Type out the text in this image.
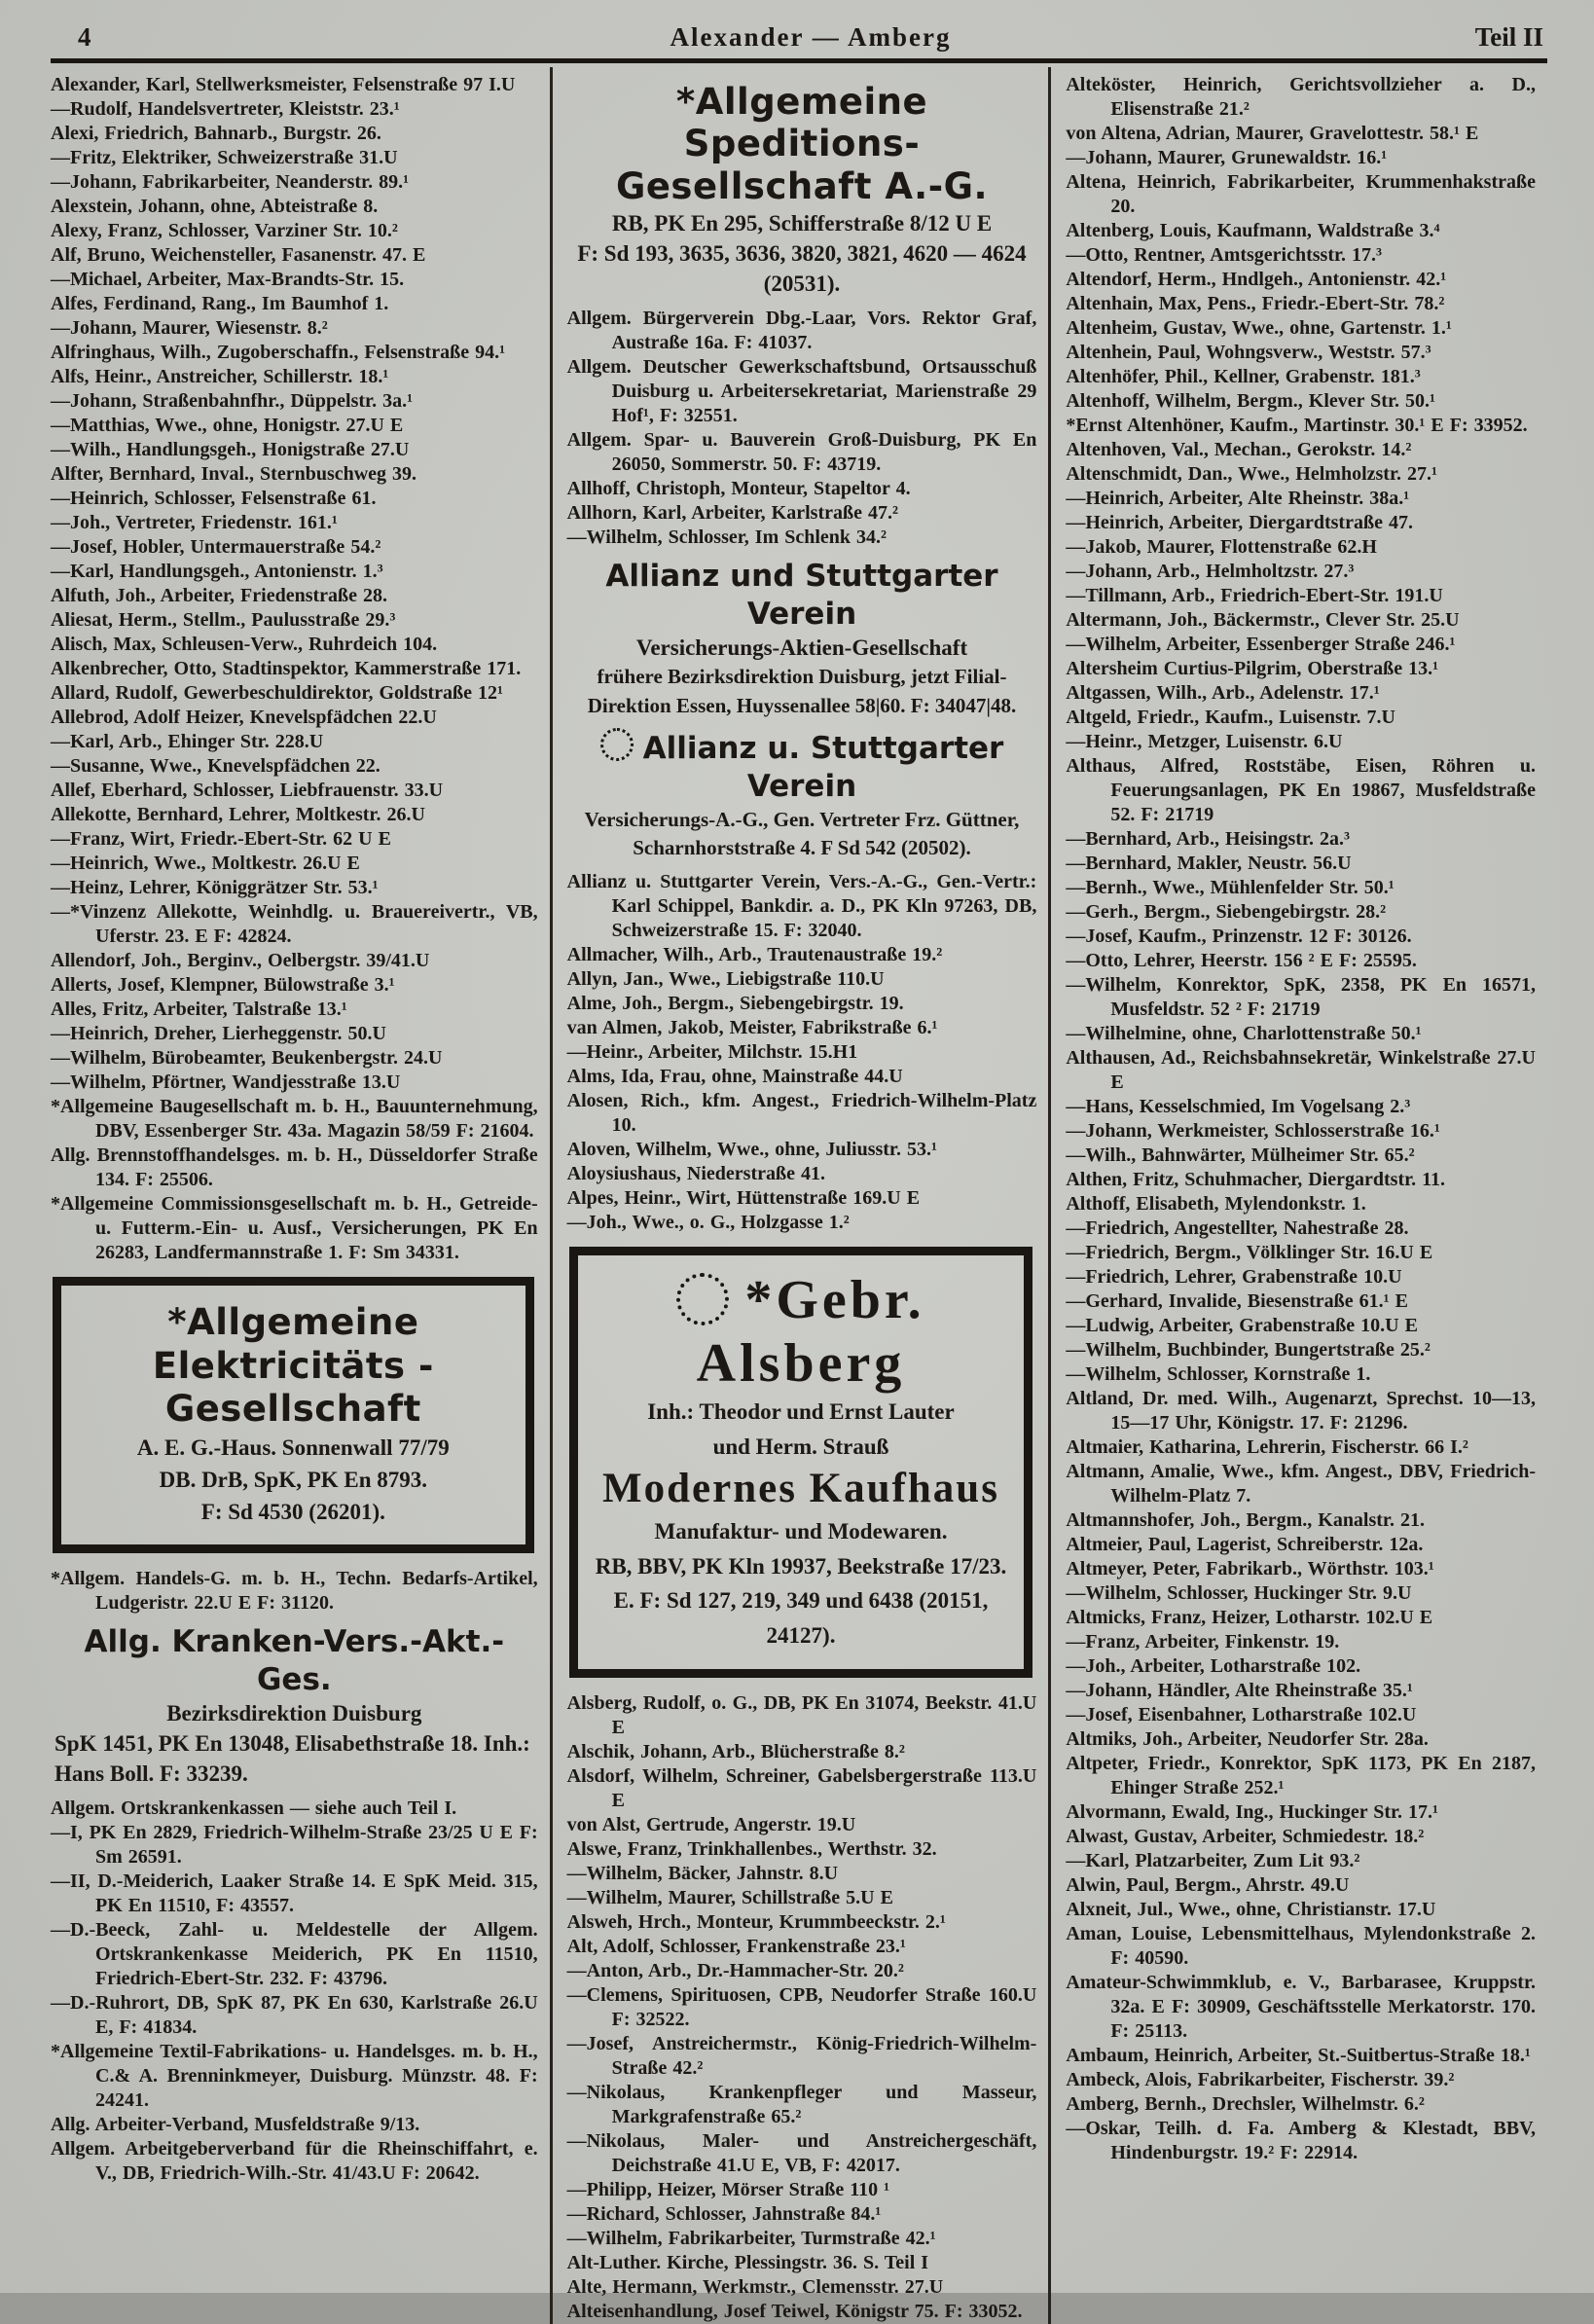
4	Alexander — Amberg	Teil II

Alexander, Karl, Stellwerksmeister, Felsenstraße 97 I.U

—Rudolf, Handelsvertreter, Kleiststr. 23.¹

Alexi, Friedrich, Bahnarb., Burgstr. 26.

—Fritz, Elektriker, Schweizerstraße 31.U

—Johann, Fabrikarbeiter, Neanderstr. 89.¹

Alexstein, Johann, ohne, Abteistraße 8.

Alexy, Franz, Schlosser, Varziner Str. 10.²

Alf, Bruno, Weichensteller, Fasanenstr. 47. E

—Michael, Arbeiter, Max-Brandts-Str. 15.

Alfes, Ferdinand, Rang., Im Baumhof 1.

—Johann, Maurer, Wiesenstr. 8.²

Alfringhaus, Wilh., Zugoberschaffn., Felsenstraße 94.¹

Alfs, Heinr., Anstreicher, Schillerstr. 18.¹

—Johann, Straßenbahnfhr., Düppelstr. 3a.¹

—Matthias, Wwe., ohne, Honigstr. 27.U E

—Wilh., Handlungsgeh., Honigstraße 27.U

Alfter, Bernhard, Inval., Sternbuschweg 39.

—Heinrich, Schlosser, Felsenstraße 61.

—Joh., Vertreter, Friedenstr. 161.¹

—Josef, Hobler, Untermauerstraße 54.²

—Karl, Handlungsgeh., Antonienstr. 1.³

Alfuth, Joh., Arbeiter, Friedenstraße 28.

Aliesat, Herm., Stellm., Paulusstraße 29.³

Alisch, Max, Schleusen-Verw., Ruhrdeich 104.

Alkenbrecher, Otto, Stadtinspektor, Kammerstraße 171.

Allard, Rudolf, Gewerbeschuldirektor, Goldstraße 12¹

Allebrod, Adolf Heizer, Knevelspfädchen 22.U

—Karl, Arb., Ehinger Str. 228.U

—Susanne, Wwe., Knevelspfädchen 22.

Allef, Eberhard, Schlosser, Liebfrauenstr. 33.U

Allekotte, Bernhard, Lehrer, Moltkestr. 26.U

—Franz, Wirt, Friedr.-Ebert-Str. 62 U E

—Heinrich, Wwe., Moltkestr. 26.U E

—Heinz, Lehrer, Königgrätzer Str. 53.¹

—*Vinzenz Allekotte, Weinhdlg. u. Brauereivertr., VB, Uferstr. 23. E F: 42824.

Allendorf, Joh., Berginv., Oelbergstr. 39/41.U

Allerts, Josef, Klempner, Bülowstraße 3.¹

Alles, Fritz, Arbeiter, Talstraße 13.¹

—Heinrich, Dreher, Lierheggenstr. 50.U

—Wilhelm, Bürobeamter, Beukenbergstr. 24.U

—Wilhelm, Pförtner, Wandjesstraße 13.U

*Allgemeine Baugesellschaft m. b. H., Bauunternehmung, DBV, Essenberger Str. 43a. Magazin 58/59 F: 21604.

Allg. Brennstoffhandelsges. m. b. H., Düsseldorfer Straße 134. F: 25506.

*Allgemeine Commissionsgesellschaft m. b. H., Getreide- u. Futterm.-Ein- u. Ausf., Versicherungen, PK En 26283, Landfermannstraße 1. F: Sm 34331.

*Allgemeine
Elektricitäts - Gesellschaft
A. E. G.-Haus. Sonnenwall 77/79
DB. DrB, SpK, PK En 8793.
F: Sd 4530 (26201).

*Allgem. Handels-G. m. b. H., Techn. Bedarfs-Artikel, Ludgeristr. 22.U E F: 31120.

Allg. Kranken-Vers.-Akt.-Ges.
Bezirksdirektion Duisburg
SpK 1451, PK En 13048, Elisabethstraße 18. Inh.: Hans Boll. F: 33239.

Allgem. Ortskrankenkassen — siehe auch Teil I.

—I, PK En 2829, Friedrich-Wilhelm-Straße 23/25 U E F: Sm 26591.

—II, D.-Meiderich, Laaker Straße 14. E SpK Meid. 315, PK En 11510, F: 43557.

—D.-Beeck, Zahl- u. Meldestelle der Allgem. Ortskrankenkasse Meiderich, PK En 11510, Friedrich-Ebert-Str. 232. F: 43796.

—D.-Ruhrort, DB, SpK 87, PK En 630, Karlstraße 26.U E, F: 41834.

*Allgemeine Textil-Fabrikations- u. Handelsges. m. b. H., C.& A. Brenninkmeyer, Duisburg. Münzstr. 48. F: 24241.

Allg. Arbeiter-Verband, Musfeldstraße 9/13.

Allgem. Arbeitgeberverband für die Rheinschiffahrt, e. V., DB, Friedrich-Wilh.-Str. 41/43.U F: 20642.

*Allgemeine
Speditions-Gesellschaft A.-G.
RB, PK En 295, Schifferstraße 8/12 U E
F: Sd 193, 3635, 3636, 3820, 3821, 4620 — 4624 (20531).

Allgem. Bürgerverein Dbg.-Laar, Vors. Rektor Graf, Austraße 16a. F: 41037.

Allgem. Deutscher Gewerkschaftsbund, Ortsausschuß Duisburg u. Arbeitersekretariat, Marienstraße 29 Hof¹, F: 32551.

Allgem. Spar- u. Bauverein Groß-Duisburg, PK En 26050, Sommerstr. 50. F: 43719.

Allhoff, Christoph, Monteur, Stapeltor 4.

Allhorn, Karl, Arbeiter, Karlstraße 47.²

—Wilhelm, Schlosser, Im Schlenk 34.²

Allianz und Stuttgarter Verein
Versicherungs-Aktien-Gesellschaft
frühere Bezirksdirektion Duisburg, jetzt Filial-Direktion Essen, Huyssenallee 58|60. F: 34047|48.
Allianz u. Stuttgarter Verein
Versicherungs-A.-G., Gen. Vertreter Frz. Güttner, Scharnhorststraße 4. F Sd 542 (20502).

Allianz u. Stuttgarter Verein, Vers.-A.-G., Gen.-Vertr.: Karl Schippel, Bankdir. a. D., PK Kln 97263, DB, Schweizerstraße 15. F: 32040.

Allmacher, Wilh., Arb., Trautenaustraße 19.²

Allyn, Jan., Wwe., Liebigstraße 110.U

Alme, Joh., Bergm., Siebengebirgstr. 19.

van Almen, Jakob, Meister, Fabrikstraße 6.¹

—Heinr., Arbeiter, Milchstr. 15.H1

Alms, Ida, Frau, ohne, Mainstraße 44.U

Alosen, Rich., kfm. Angest., Friedrich-Wilhelm-Platz 10.

Aloven, Wilhelm, Wwe., ohne, Juliusstr. 53.¹

Aloysiushaus, Niederstraße 41.

Alpes, Heinr., Wirt, Hüttenstraße 169.U E

—Joh., Wwe., o. G., Holzgasse 1.²

*Gebr. Alsberg
Inh.: Theodor und Ernst Lauter
und Herm. Strauß
Modernes Kaufhaus
Manufaktur- und Modewaren.
RB, BBV, PK Kln 19937, Beekstraße 17/23. E. F: Sd 127, 219, 349 und 6438 (20151, 24127).

Alsberg, Rudolf, o. G., DB, PK En 31074, Beekstr. 41.U E

Alschik, Johann, Arb., Blücherstraße 8.²

Alsdorf, Wilhelm, Schreiner, Gabelsbergerstraße 113.U E

von Alst, Gertrude, Angerstr. 19.U

Alswe, Franz, Trinkhallenbes., Werthstr. 32.

—Wilhelm, Bäcker, Jahnstr. 8.U

—Wilhelm, Maurer, Schillstraße 5.U E

Alsweh, Hrch., Monteur, Krummbeeckstr. 2.¹

Alt, Adolf, Schlosser, Frankenstraße 23.¹

—Anton, Arb., Dr.-Hammacher-Str. 20.²

—Clemens, Spirituosen, CPB, Neudorfer Straße 160.U F: 32522.

—Josef, Anstreichermstr., König-Friedrich-Wilhelm-Straße 42.²

—Nikolaus, Krankenpfleger und Masseur, Markgrafenstraße 65.²

—Nikolaus, Maler- und Anstreichergeschäft, Deichstraße 41.U E, VB, F: 42017.

—Philipp, Heizer, Mörser Straße 110 ¹

—Richard, Schlosser, Jahnstraße 84.¹

—Wilhelm, Fabrikarbeiter, Turmstraße 42.¹

Alt-Luther. Kirche, Plessingstr. 36. S. Teil I

Alte, Hermann, Werkmstr., Clemensstr. 27.U

Alteisenhandlung, Josef Teiwel, Königstr 75. F: 33052.

Alteköster, Heinrich, Gerichtsvollzieher a. D., Elisenstraße 21.²

von Altena, Adrian, Maurer, Gravelottestr. 58.¹ E

—Johann, Maurer, Grunewaldstr. 16.¹

Altena, Heinrich, Fabrikarbeiter, Krummenhakstraße 20.

Altenberg, Louis, Kaufmann, Waldstraße 3.⁴

—Otto, Rentner, Amtsgerichtsstr. 17.³

Altendorf, Herm., Hndlgeh., Antonienstr. 42.¹

Altenhain, Max, Pens., Friedr.-Ebert-Str. 78.²

Altenheim, Gustav, Wwe., ohne, Gartenstr. 1.¹

Altenhein, Paul, Wohngsverw., Weststr. 57.³

Altenhöfer, Phil., Kellner, Grabenstr. 181.³

Altenhoff, Wilhelm, Bergm., Klever Str. 50.¹

*Ernst Altenhöner, Kaufm., Martinstr. 30.¹ E F: 33952.

Altenhoven, Val., Mechan., Gerokstr. 14.²

Altenschmidt, Dan., Wwe., Helmholzstr. 27.¹

—Heinrich, Arbeiter, Alte Rheinstr. 38a.¹

—Heinrich, Arbeiter, Diergardtstraße 47.

—Jakob, Maurer, Flottenstraße 62.H

—Johann, Arb., Helmholtzstr. 27.³

—Tillmann, Arb., Friedrich-Ebert-Str. 191.U

Altermann, Joh., Bäckermstr., Clever Str. 25.U

—Wilhelm, Arbeiter, Essenberger Straße 246.¹

Altersheim Curtius-Pilgrim, Oberstraße 13.¹

Altgassen, Wilh., Arb., Adelenstr. 17.¹

Altgeld, Friedr., Kaufm., Luisenstr. 7.U

—Heinr., Metzger, Luisenstr. 6.U

Althaus, Alfred, Roststäbe, Eisen, Röhren u. Feuerungsanlagen, PK En 19867, Musfeldstraße 52. F: 21719

—Bernhard, Arb., Heisingstr. 2a.³

—Bernhard, Makler, Neustr. 56.U

—Bernh., Wwe., Mühlenfelder Str. 50.¹

—Gerh., Bergm., Siebengebirgstr. 28.²

—Josef, Kaufm., Prinzenstr. 12 F: 30126.

—Otto, Lehrer, Heerstr. 156 ² E F: 25595.

—Wilhelm, Konrektor, SpK, 2358, PK En 16571, Musfeldstr. 52 ² F: 21719

—Wilhelmine, ohne, Charlottenstraße 50.¹

Althausen, Ad., Reichsbahnsekretär, Winkelstraße 27.U E

—Hans, Kesselschmied, Im Vogelsang 2.³

—Johann, Werkmeister, Schlosserstraße 16.¹

—Wilh., Bahnwärter, Mülheimer Str. 65.²

Althen, Fritz, Schuhmacher, Diergardtstr. 11.

Althoff, Elisabeth, Mylendonkstr. 1.

—Friedrich, Angestellter, Nahestraße 28.

—Friedrich, Bergm., Völklinger Str. 16.U E

—Friedrich, Lehrer, Grabenstraße 10.U

—Gerhard, Invalide, Biesenstraße 61.¹ E

—Ludwig, Arbeiter, Grabenstraße 10.U E

—Wilhelm, Buchbinder, Bungertstraße 25.²

—Wilhelm, Schlosser, Kornstraße 1.

Altland, Dr. med. Wilh., Augenarzt, Sprechst. 10—13, 15—17 Uhr, Königstr. 17. F: 21296.

Altmaier, Katharina, Lehrerin, Fischerstr. 66 I.²

Altmann, Amalie, Wwe., kfm. Angest., DBV, Friedrich-Wilhelm-Platz 7.

Altmannshofer, Joh., Bergm., Kanalstr. 21.

Altmeier, Paul, Lagerist, Schreiberstr. 12a.

Altmeyer, Peter, Fabrikarb., Wörthstr. 103.¹

—Wilhelm, Schlosser, Huckinger Str. 9.U

Altmicks, Franz, Heizer, Lotharstr. 102.U E

—Franz, Arbeiter, Finkenstr. 19.

—Joh., Arbeiter, Lotharstraße 102.

—Johann, Händler, Alte Rheinstraße 35.¹

—Josef, Eisenbahner, Lotharstraße 102.U

Altmiks, Joh., Arbeiter, Neudorfer Str. 28a.

Altpeter, Friedr., Konrektor, SpK 1173, PK En 2187, Ehinger Straße 252.¹

Alvormann, Ewald, Ing., Huckinger Str. 17.¹

Alwast, Gustav, Arbeiter, Schmiedestr. 18.²

—Karl, Platzarbeiter, Zum Lit 93.²

Alwin, Paul, Bergm., Ahrstr. 49.U

Alxneit, Jul., Wwe., ohne, Christianstr. 17.U

Aman, Louise, Lebensmittelhaus, Mylendonkstraße 2. F: 40590.

Amateur-Schwimmklub, e. V., Barbarasee, Kruppstr. 32a. E F: 30909, Geschäftsstelle Merkatorstr. 170. F: 25113.

Ambaum, Heinrich, Arbeiter, St.-Suitbertus-Straße 18.¹

Ambeck, Alois, Fabrikarbeiter, Fischerstr. 39.²

Amberg, Bernh., Drechsler, Wilhelmstr. 6.²

—Oskar, Teilh. d. Fa. Amberg & Klestadt, BBV, Hindenburgstr. 19.² F: 22914.
